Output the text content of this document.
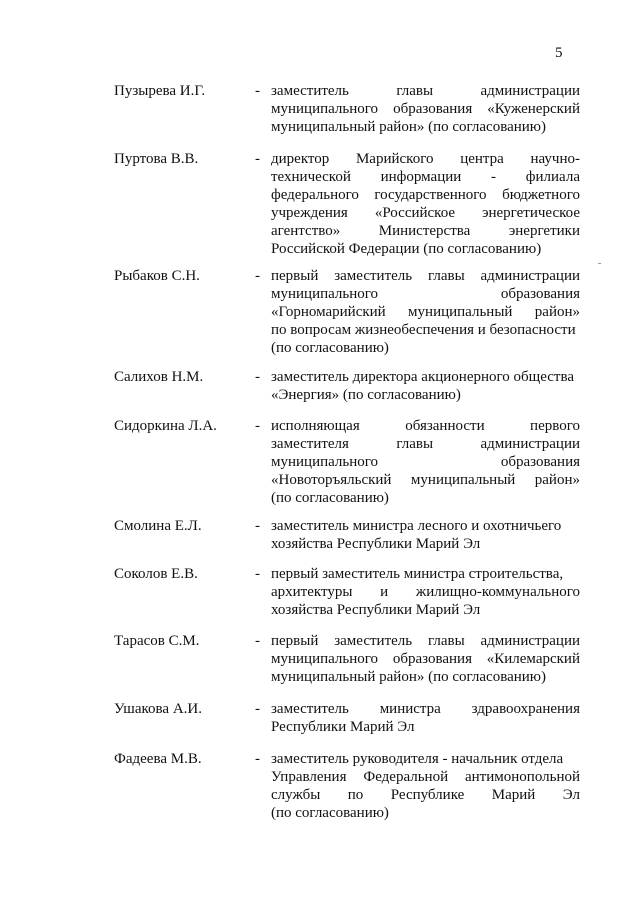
5
Пузырева И.Г.	- заместитель	главы	администрации
муниципального образования «Куженерский
муниципальный район» (по согласованию)
Пуртова В.В.	- директор Марийского центра научно-
технической информации - филиала
федерального государственного бюджетного
учреждения «Российское энергетическое
агентство»	Министерства	энергетики
Российской Федерации (по согласованию)
Рыбаков С.Н.	- первый заместитель главы администрации
муниципального	образования
«Горномарийский муниципальный район»
по вопросам жизнеобеспечения и безопасности
(по согласованию)
Салихов Н.М.	- заместитель директора акционерного общества
«Энергия» (по согласованию)
Сидоркина Л.А.	- исполняющая	обязанности	первого
заместителя	главы	администрации
муниципального	образования
«Новоторъяльский муниципальный район»
(по согласованию)
Смолина Е.Л.	- заместитель министра лесного и охотничьего
хозяйства Республики Марий Эл
Соколов Е.В.	- первый заместитель министра строительства,
архитектуры и жилищно-коммунального
хозяйства Республики Марий Эл
Тарасов С.М.	- первый заместитель главы администрации
муниципального образования «Килемарский
муниципальный район» (по согласованию)
Ушакова А.И.	- заместитель министра здравоохранения
Республики Марий Эл
Фадеева М.В.	- заместитель руководителя - начальник отдела
Управления Федеральной антимонопольной
службы по Республике Марий Эл
(по согласованию)
